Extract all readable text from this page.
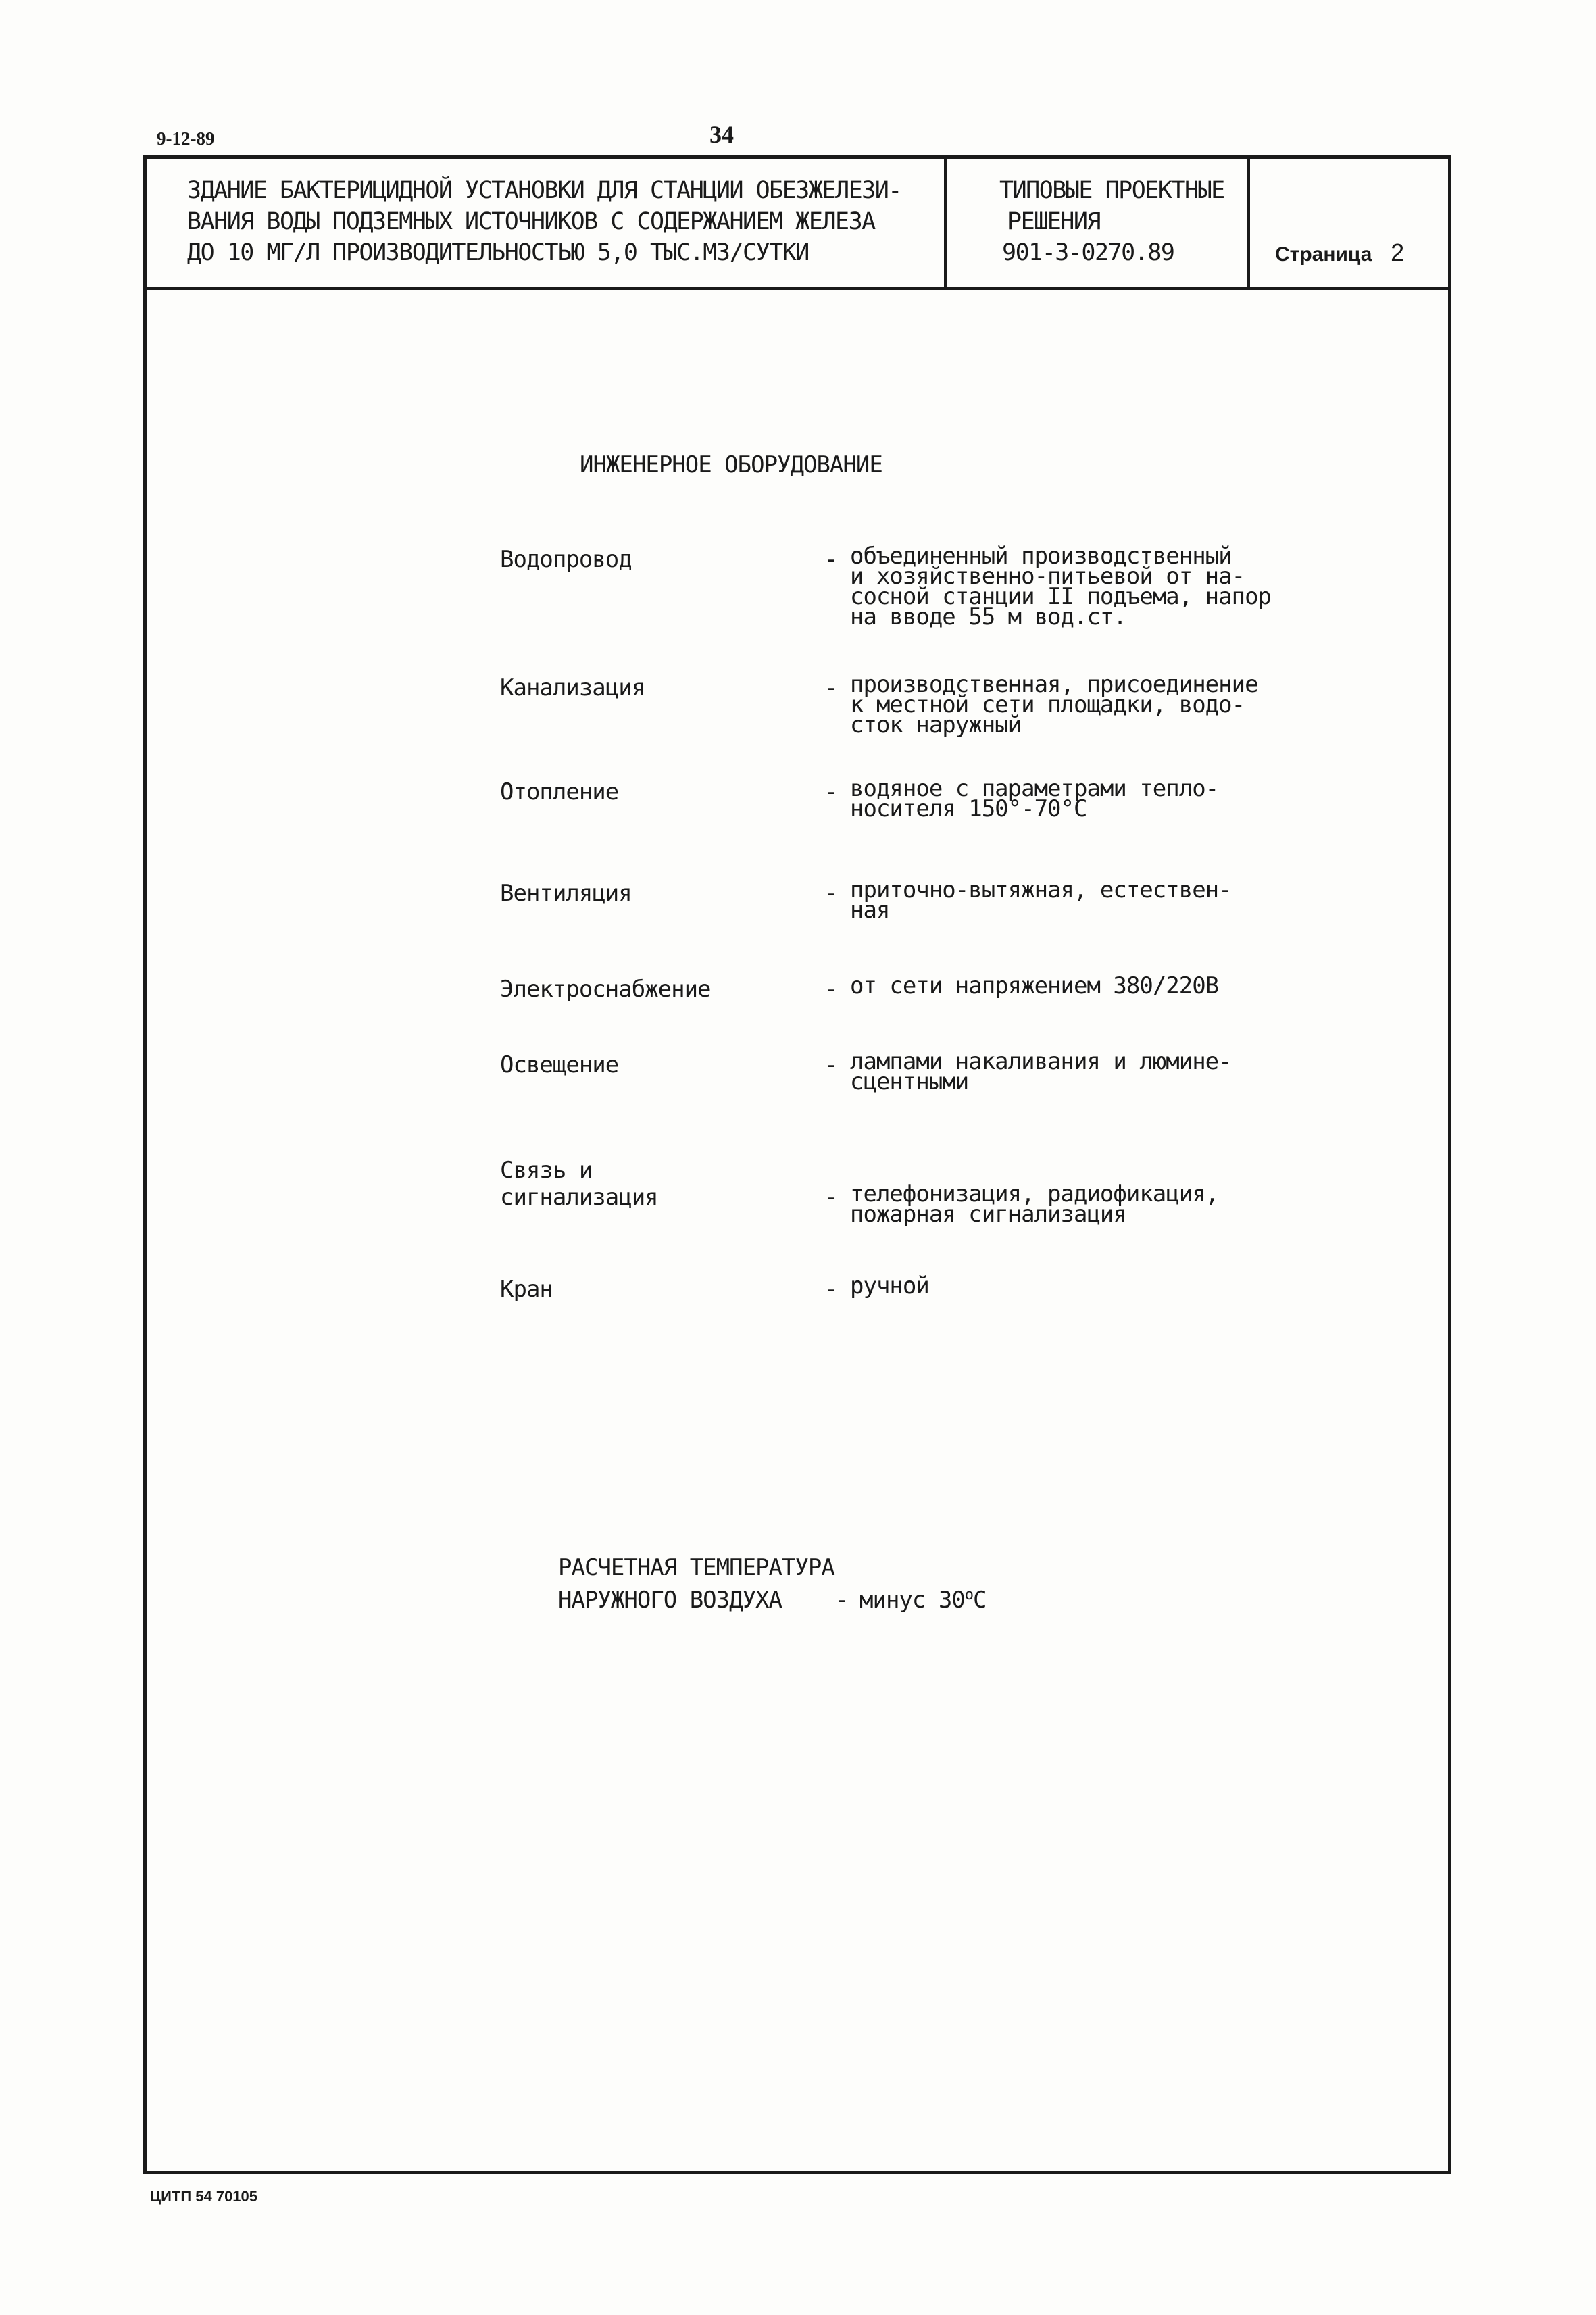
9-12-89	34
ЗДАНИЕ БАКТЕРИЦИДНОЙ УСТАНОВКИ ДЛЯ СТАНЦИИ ОБЕЗЖЕЛЕЗИ-
ВАНИЯ ВОДЫ ПОДЗЕМНЫХ ИСТОЧНИКОВ С СОДЕРЖАНИЕМ ЖЕЛЕЗА
ДО 10 МГ/Л ПРОИЗВОДИТЕЛЬНОСТЬЮ 5,0 ТЫС.М3/СУТКИ
ТИПОВЫЕ ПРОЕКТНЫЕ
РЕШЕНИЯ
901-3-0270.89	Страница 2
ИНЖЕНЕРНОЕ ОБОРУДОВАНИЕ
Водопровод	- объединенный производственный
и хозяйственно-питьевой от на-
сосной станции II подъема, напор
на вводе 55 м вод.ст.
Канализация	- производственная, присоединение
к местной сети площадки, водо-
сток наружный
Отопление	- водяное с параметрами тепло-
носителя 150°-70°С
Вентиляция	- приточно-вытяжная, естествен-
ная
Электроснабжение	- от сети напряжением 380/220В
Освещение	- лампами накаливания и люмине-
сцентными
Связь и
сигнализация	- телефонизация, радиофикация,
пожарная сигнализация
Кран	- ручной
РАСЧЕТНАЯ ТЕМПЕРАТУРА
НАРУЖНОГО ВОЗДУХА - минус $30^оС$
ЦИТП 54 70105
